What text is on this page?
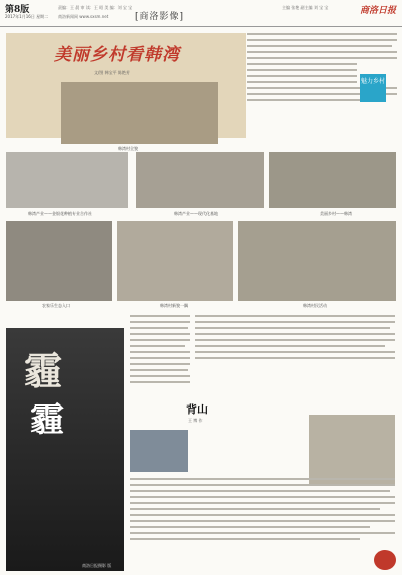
第8版
2017年1月16日 星期二
责编：王 晨 审 读：王 昭 美 编：刘 宝 宝
商洛新闻网 www.sxsm.net	[商洛影像]
主编 张艳 副主编 刘 宝 宝	商洛日报
美丽乡村看韩湾
文/图 韩宝平 陈艳芳
魅力乡村
韩湾村全貌
韩湾产业——金银花种植专业合作社	韩湾产业——现代化基地	美丽乡村——韩湾
农家乐生态入口	韩湾村新貌一隅	韩湾村民活动
霾
霾
商洛日报摄影 版
背山
王 博 作
